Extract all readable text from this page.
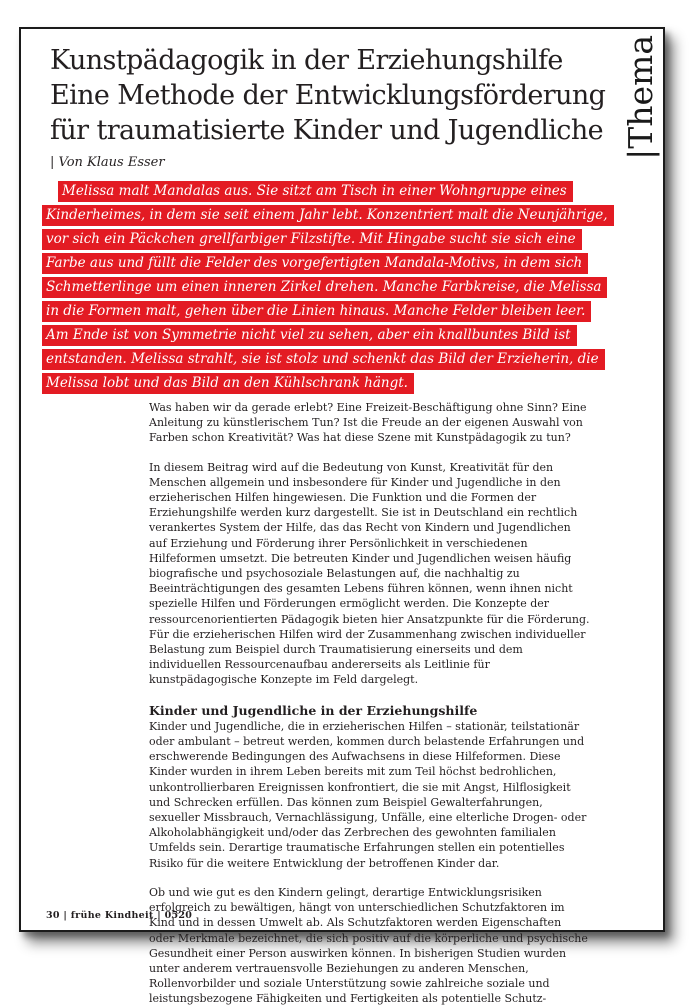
Kunstpädagogik in der Erziehungshilfe
Eine Methode der Entwicklungsförderung
für traumatisierte Kinder und Jugendliche
| Von Klaus Esser
|Thema
Melissa malt Mandalas aus. Sie sitzt am Tisch in einer Wohngruppe eines Kinderheimes, in dem sie seit einem Jahr lebt. Konzentriert malt die Neunjährige, vor sich ein Päckchen grellfarbiger Filzstifte. Mit Hingabe sucht sie sich eine Farbe aus und füllt die Felder des vorgefertigten Mandala-Motivs, in dem sich Schmetterlinge um einen inneren Zirkel drehen. Manche Farbkreise, die Melissa in die Formen malt, gehen über die Linien hinaus. Manche Felder bleiben leer. Am Ende ist von Symmetrie nicht viel zu sehen, aber ein knallbuntes Bild ist entstanden. Melissa strahlt, sie ist stolz und schenkt das Bild der Erzieherin, die Melissa lobt und das Bild an den Kühlschrank hängt.

Was haben wir da gerade erlebt? Eine Freizeit-Beschäftigung ohne Sinn? Eine Anleitung zu künstlerischem Tun? Ist die Freude an der eigenen Auswahl von Farben schon Kreativität? Was hat diese Szene mit Kunstpädagogik zu tun?

In diesem Beitrag wird auf die Bedeutung von Kunst, Kreativität für den Menschen allgemein und insbesondere für Kinder und Jugendliche in den erzieherischen Hilfen hingewiesen. Die Funktion und die Formen der Erziehungshilfe werden kurz dargestellt. Sie ist in Deutschland ein rechtlich verankertes System der Hilfe, das das Recht von Kindern und Jugendlichen auf Erziehung und Förderung ihrer Persönlichkeit in verschiedenen Hilfeformen umsetzt. Die betreuten Kinder und Jugendlichen weisen häufig biografische und psychosoziale Belastungen auf, die nachhaltig zu Beeinträchtigungen des gesamten Lebens führen können, wenn ihnen nicht spezielle Hilfen und Förderungen ermöglicht werden. Die Konzepte der ressourcenorientierten Pädagogik bieten hier Ansatzpunkte für die Förderung. Für die erzieherischen Hilfen wird der Zusammenhang zwischen individueller Belastung zum Beispiel durch Traumatisierung einerseits und dem individuellen Ressourcenaufbau andererseits als Leitlinie für kunstpädagogische Konzepte im Feld dargelegt.

Kinder und Jugendliche in der Erziehungshilfe

Kinder und Jugendliche, die in erzieherischen Hilfen – stationär, teilstationär oder ambulant – betreut werden, kommen durch belastende Erfahrungen und erschwerende Bedingungen des Aufwachsens in diese Hilfeformen. Diese Kinder wurden in ihrem Leben bereits mit zum Teil höchst bedrohlichen, unkontrollierbaren Ereignissen konfrontiert, die sie mit Angst, Hilflosigkeit und Schrecken erfüllen. Das können zum Beispiel Gewalterfahrungen, sexueller Missbrauch, Vernachlässigung, Unfälle, eine elterliche Drogen- oder Alkoholabhängigkeit und/oder das Zerbrechen des gewohnten familialen Umfelds sein. Derartige traumatische Erfahrungen stellen ein potentielles Risiko für die weitere Entwicklung der betroffenen Kinder dar.

Ob und wie gut es den Kindern gelingt, derartige Entwicklungsrisiken erfolgreich zu bewältigen, hängt von unterschiedlichen Schutzfaktoren im Kind und in dessen Umwelt ab. Als Schutzfaktoren werden Eigenschaften oder Merkmale bezeichnet, die sich positiv auf die körperliche und psychische Gesundheit einer Person auswirken können. In bisherigen Studien wurden unter anderem vertrauensvolle Beziehungen zu anderen Menschen, Rollenvorbilder und soziale Unterstützung sowie zahlreiche soziale und leistungsbezogene Fähigkeiten und Fertigkeiten als potentielle Schutz-

30 | frühe Kindheit | 0520
